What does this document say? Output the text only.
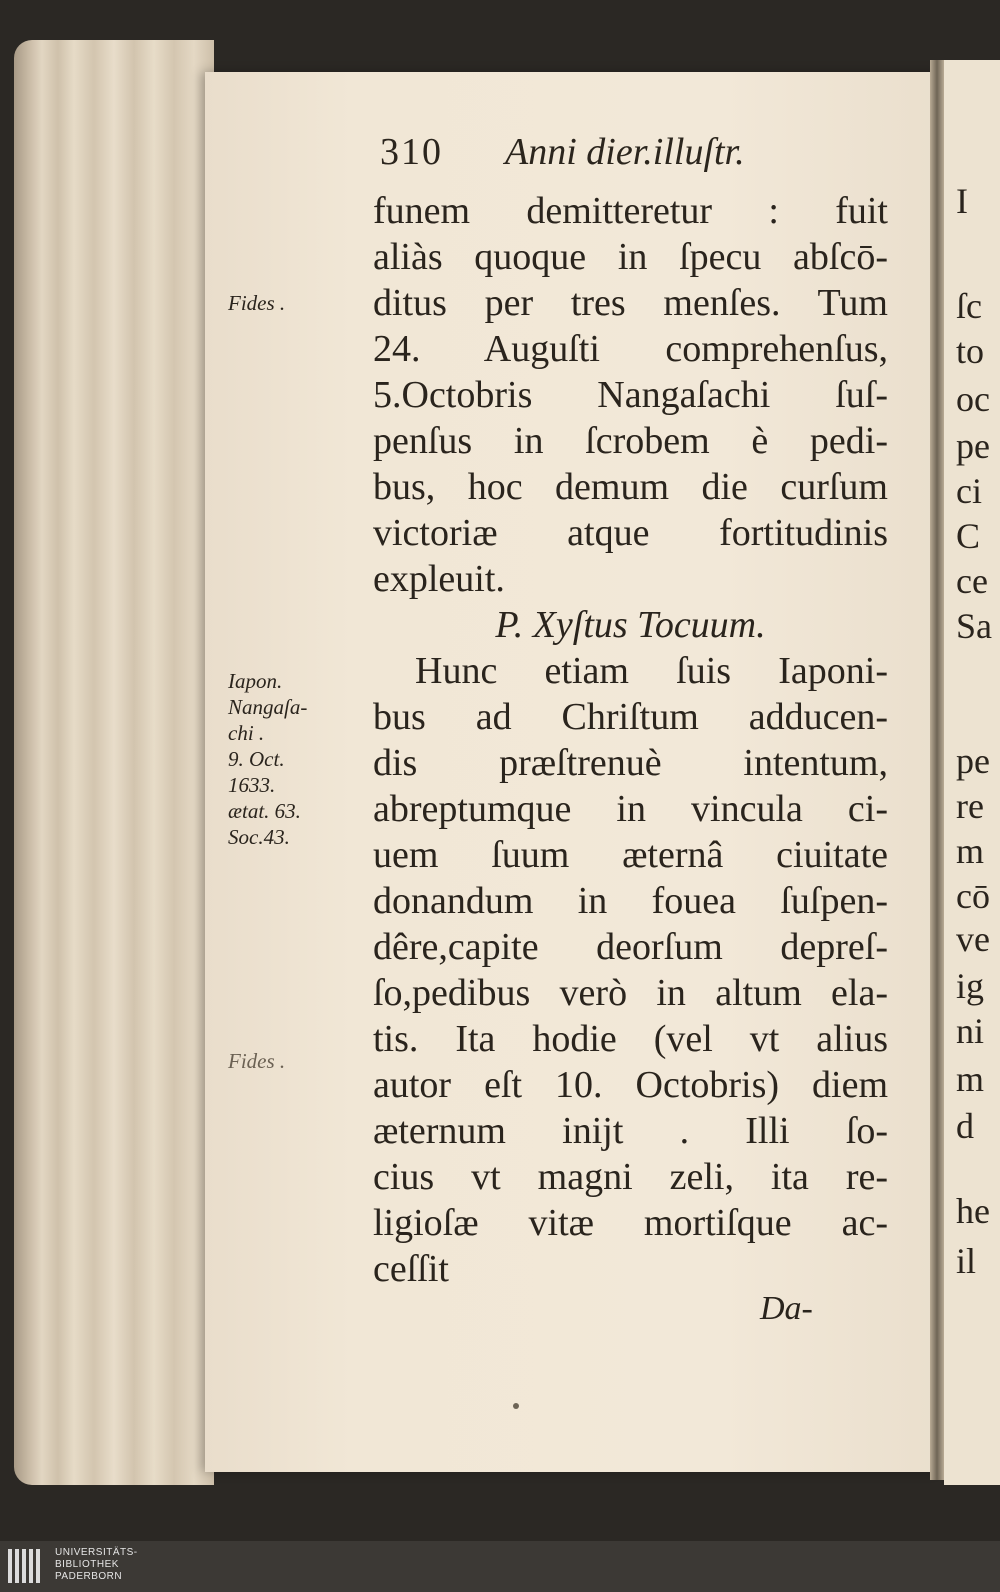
I
ſc
to
oc
pe
ci
C
ce
Sa
pe
re
m
cō
ve
ig
ni
m
d
he
il
310 Anni dier.illuſtr.
funem demitteretur : fuit
aliàs quoque in ſpecu abſcō-
ditus per tres menſes. Tum
24. Auguſti comprehenſus,
5.Octobris Nangaſachi ſuſ-
penſus in ſcrobem è pedi-
bus, hoc demum die curſum
victoriæ atque fortitudinis
expleuit.
P. Xyſtus Tocuum.
Hunc etiam ſuis Iaponi-
bus ad Chriſtum adducen-
dis præſtrenuè intentum,
abreptumque in vincula ci-
uem ſuum æternâ ciuitate
donandum in fouea ſuſpen-
dêre,capite deorſum depreſ-
ſo,pedibus verò in altum ela-
tis. Ita hodie (vel vt alius
autor eſt 10. Octobris) diem
æternum inijt . Illi ſo-
cius vt magni zeli, ita re-
ligioſæ vitæ mortiſque ac-
ceſſit
Fides .
Iapon.
Nangaſa-
chi .
9. Oct.
1633.
ætat. 63.
Soc.43.
Fides .
Da-
UNIVERSITÄTS-
BIBLIOTHEK
PADERBORN
